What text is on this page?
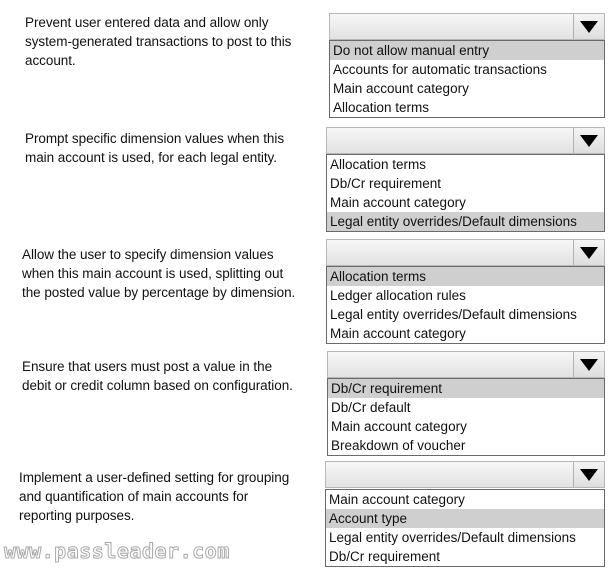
Prevent user entered data and allow only
system-generated transactions to post to this
account.
Do not allow manual entry
Accounts for automatic transactions
Main account category
Allocation terms
Prompt specific dimension values when this
main account is used, for each legal entity.	Allocation terms
Db/Cr requirement
Main account category
Legal entity overrides/Default dimensions
Allow the user to specify dimension values
when this main account is used, splitting out
the posted value by percentage by dimension.
Allocation terms
Ledger allocation rules
Legal entity overrides/Default dimensions
Main account category
Ensure that users must post a value in the
debit or credit column based on configuration.	Db/Cr requirement
Db/Cr default
Main account category
Breakdown of voucher
Implement a user-defined setting for grouping
and quantification of main accounts for
reporting purposes.
Main account category
Account type
Legal entity overrides/Default dimensions
Db/Cr requirement
www.passleader.com
